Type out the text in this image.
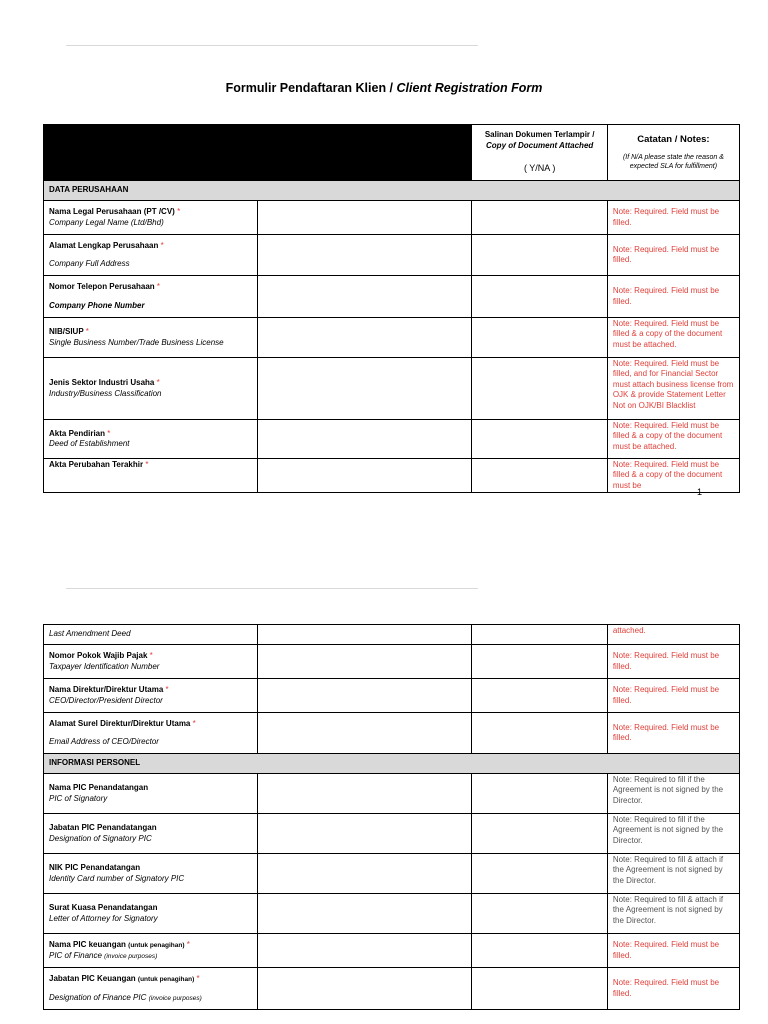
Formulir Pendaftaran Klien / Client Registration Form
		Salinan Dokumen Terlampir /
Copy of Document Attached
( Y/NA )	Catatan / Notes:
(If N/A please state the reason & expected SLA for fulfillment)

DATA PERUSAHAAN			

Nama Legal Perusahaan (PT /CV) *
Company Legal Name (Ltd/Bhd)			Note: Required. Field must be filled.

Alamat Lengkap Perusahaan *
Company Full Address			Note: Required. Field must be filled.

Nomor Telepon Perusahaan *
Company Phone Number			Note: Required. Field must be filled.

NIB/SIUP *
Single Business Number/Trade Business License			Note: Required. Field must be filled & a copy of the document must be attached.

Jenis Sektor Industri Usaha *
Industry/Business Classification			Note: Required. Field must be filled, and for Financial Sector must attach business license from OJK & provide Statement Letter Not on OJK/BI Blacklist

Akta Pendirian *
Deed of Establishment			Note: Required. Field must be filled & a copy of the document must be attached.

Akta Perubahan Terakhir *			Note: Required. Field must be filled & a copy of the document must be
1
Last Amendment Deed			attached.

Nomor Pokok Wajib Pajak *
Taxpayer Identification Number			Note: Required. Field must be filled.

Nama Direktur/Direktur Utama *
CEO/Director/President Director			Note: Required. Field must be filled.

Alamat Surel Direktur/Direktur Utama *
Email Address of CEO/Director			Note: Required. Field must be filled.
INFORMASI PERSONEL			

Nama PIC Penandatangan
PIC of Signatory			Note: Required to fill if the Agreement is not signed by the Director.

Jabatan PIC Penandatangan
Designation of Signatory PIC			Note: Required to fill if the Agreement is not signed by the Director.

NIK PIC Penandatangan
Identity Card number of Signatory PIC			Note: Required to fill & attach if the Agreement is not signed by the Director.

Surat Kuasa Penandatangan
Letter of Attorney for Signatory			Note: Required to fill & attach if the Agreement is not signed by the Director.

Nama PIC keuangan (untuk penagihan) *
PIC of Finance (invoice purposes)			Note: Required. Field must be filled.

Jabatan PIC Keuangan (untuk penagihan) *
Designation of Finance PIC (invoice purposes)			Note: Required. Field must be filled.
